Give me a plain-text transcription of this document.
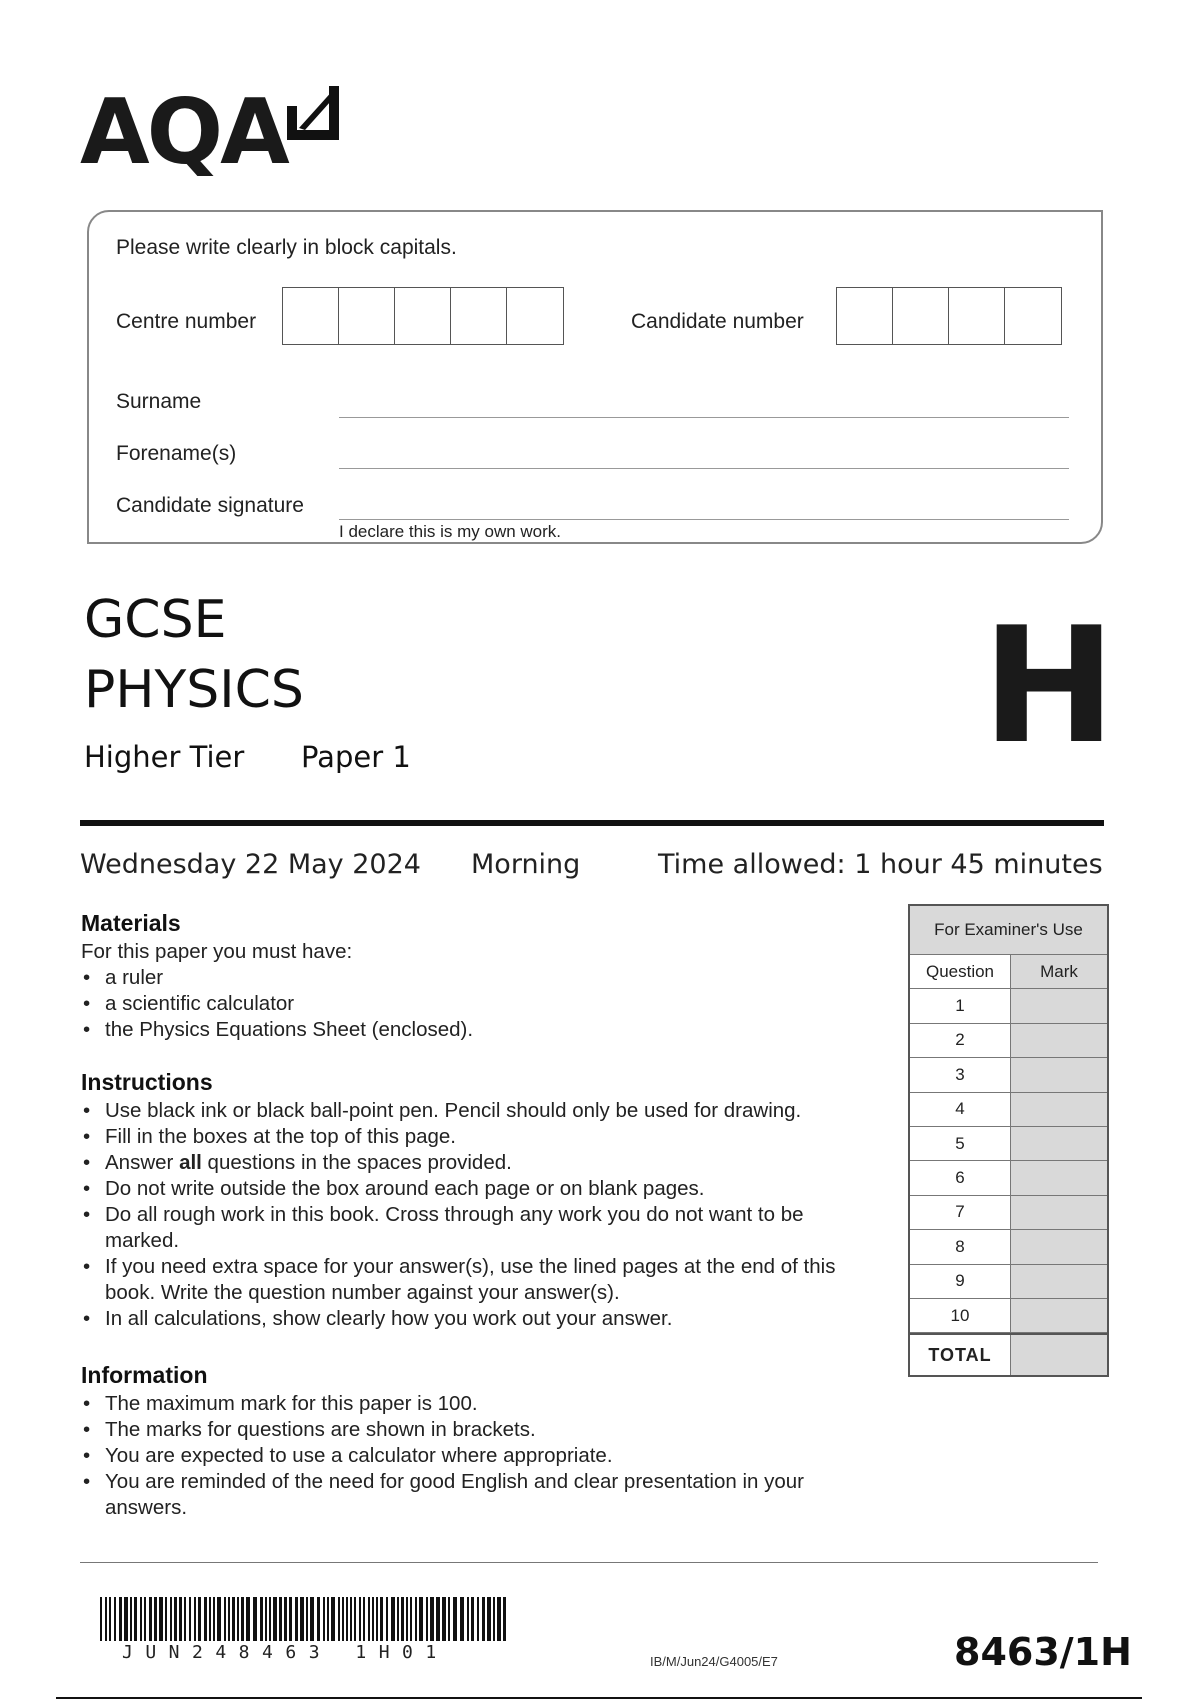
AQA
Please write clearly in block capitals.
Centre number	Candidate number
Surname
Forename(s)
Candidate signature
I declare this is my own work.
GCSE
PHYSICS
Higher Tier Paper 1	H
Wednesday 22 May 2024 Morning	Time allowed: 1 hour 45 minutes
Materials

For this paper you must have:

• a ruler
• a scientific calculator
• the Physics Equations Sheet (enclosed).
Instructions
• Use black ink or black ball-point pen. Pencil should only be used for drawing.
• Fill in the boxes at the top of this page.
• Answer all questions in the spaces provided.
• Do not write outside the box around each page or on blank pages.
• Do all rough work in this book. Cross through any work you do not want to be marked.
• If you need extra space for your answer(s), use the lined pages at the end of this book. Write the question number against your answer(s).
• In all calculations, show clearly how you work out your answer.
Information
• The maximum mark for this paper is 100.
• The marks for questions are shown in brackets.
• You are expected to use a calculator where appropriate.
• You are reminded of the need for good English and clear presentation in your answers.
For Examiner's Use
Question	Mark
1
2
3
4
5
6
7
8
9
10
TOTAL
JUN248463 1H01	IB/M/Jun24/G4005/E7	8463/1H
